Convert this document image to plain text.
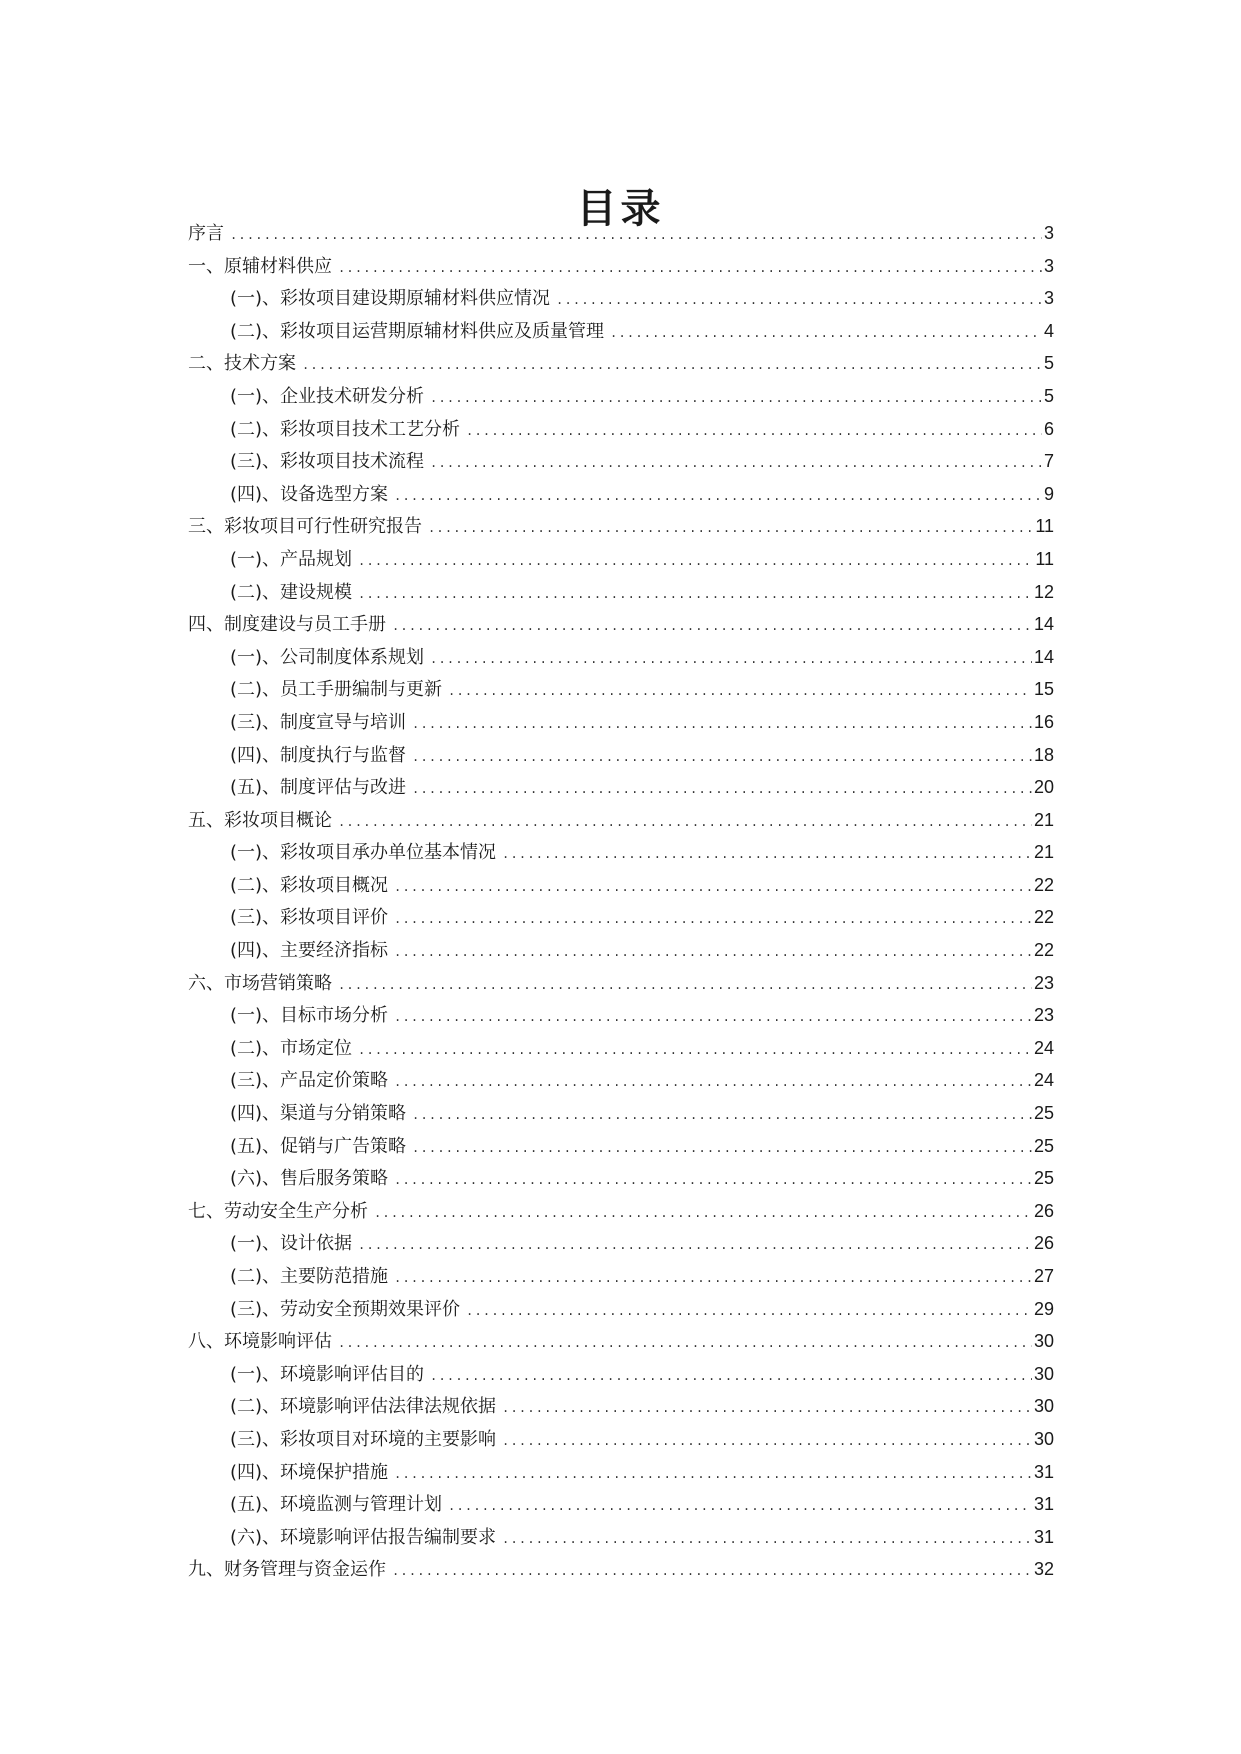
目录
序言 .....	3
一、原辅材料供应 .....	3
(一)、彩妆项目建设期原辅材料供应情况 .....	3
(二)、彩妆项目运营期原辅材料供应及质量管理 .....	4
二、技术方案 .....	5
(一)、企业技术研发分析 .....	5
(二)、彩妆项目技术工艺分析 .....	6
(三)、彩妆项目技术流程 .....	7
(四)、设备选型方案 .....	9
三、彩妆项目可行性研究报告 .....	11
(一)、产品规划 .....	11
(二)、建设规模 .....	12
四、制度建设与员工手册 .....	14
(一)、公司制度体系规划 .....	14
(二)、员工手册编制与更新 .....	15
(三)、制度宣导与培训 .....	16
(四)、制度执行与监督 .....	18
(五)、制度评估与改进 .....	20
五、彩妆项目概论 .....	21
(一)、彩妆项目承办单位基本情况 .....	21
(二)、彩妆项目概况 .....	22
(三)、彩妆项目评价 .....	22
(四)、主要经济指标 .....	22
六、市场营销策略 .....	23
(一)、目标市场分析 .....	23
(二)、市场定位 .....	24
(三)、产品定价策略 .....	24
(四)、渠道与分销策略 .....	25
(五)、促销与广告策略 .....	25
(六)、售后服务策略 .....	25
七、劳动安全生产分析 .....	26
(一)、设计依据 .....	26
(二)、主要防范措施 .....	27
(三)、劳动安全预期效果评价 .....	29
八、环境影响评估 .....	30
(一)、环境影响评估目的 .....	30
(二)、环境影响评估法律法规依据 .....	30
(三)、彩妆项目对环境的主要影响 .....	30
(四)、环境保护措施 .....	31
(五)、环境监测与管理计划 .....	31
(六)、环境影响评估报告编制要求 .....	31
九、财务管理与资金运作 .....	32
